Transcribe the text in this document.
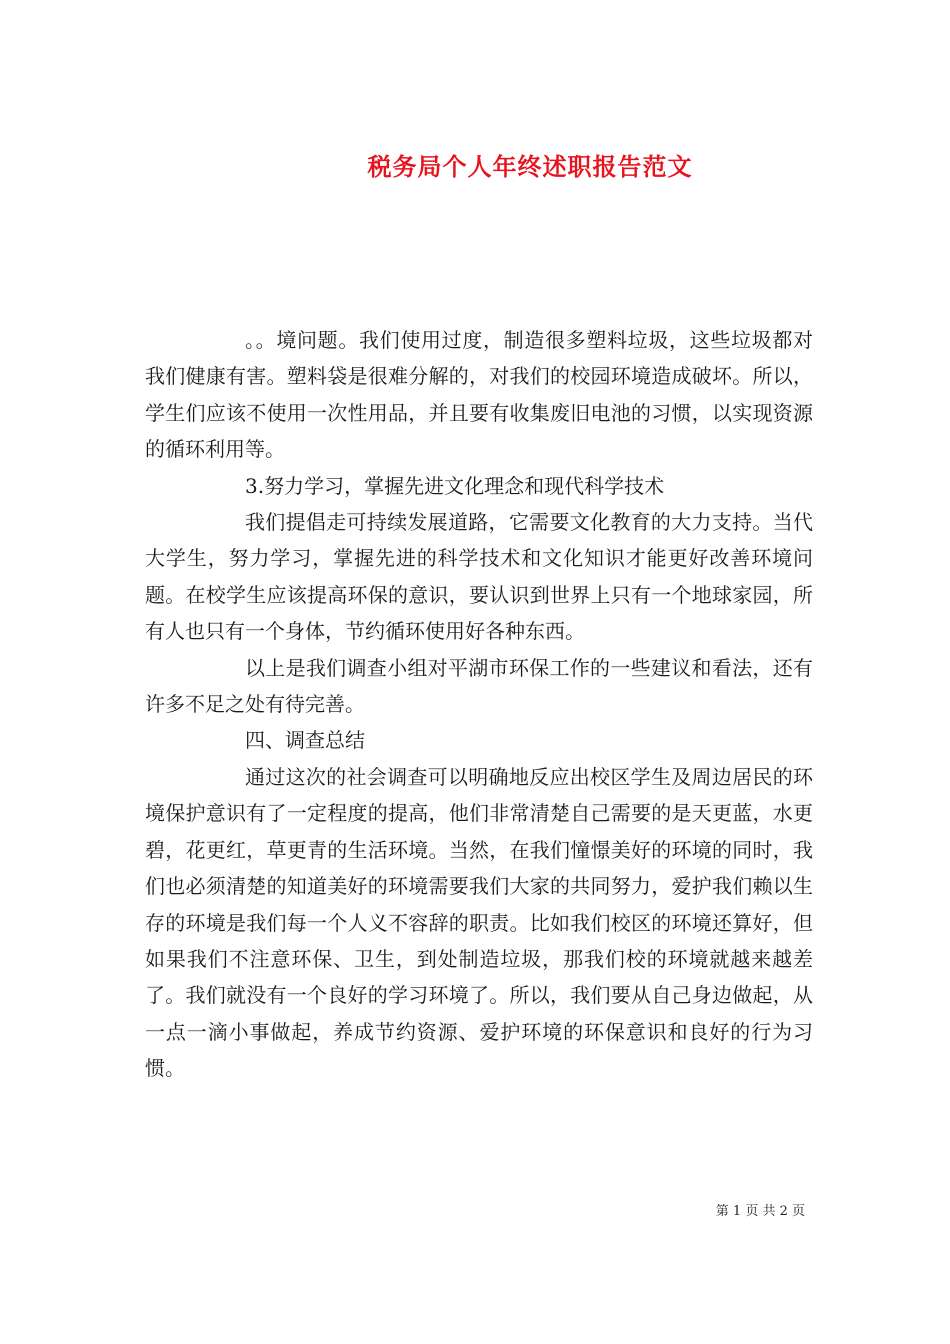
税务局个人年终述职报告范文

。。境问题。我们使用过度，制造很多塑料垃圾，这些垃圾都对我们健康有害。塑料袋是很难分解的，对我们的校园环境造成破坏。所以，学生们应该不使用一次性用品，并且要有收集废旧电池的习惯，以实现资源的循环利用等。

3.努力学习，掌握先进文化理念和现代科学技术

我们提倡走可持续发展道路，它需要文化教育的大力支持。当代大学生，努力学习，掌握先进的科学技术和文化知识才能更好改善环境问题。在校学生应该提高环保的意识，要认识到世界上只有一个地球家园，所有人也只有一个身体，节约循环使用好各种东西。

以上是我们调查小组对平湖市环保工作的一些建议和看法，还有许多不足之处有待完善。

四、调查总结

通过这次的社会调查可以明确地反应出校区学生及周边居民的环境保护意识有了一定程度的提高，他们非常清楚自己需要的是天更蓝，水更碧，花更红，草更青的生活环境。当然，在我们憧憬美好的环境的同时，我们也必须清楚的知道美好的环境需要我们大家的共同努力，爱护我们赖以生存的环境是我们每一个人义不容辞的职责。比如我们校区的环境还算好，但如果我们不注意环保、卫生，到处制造垃圾，那我们校的环境就越来越差了。我们就没有一个良好的学习环境了。所以，我们要从自己身边做起，从一点一滴小事做起，养成节约资源、爱护环境的环保意识和良好的行为习惯。

第 1 页 共 2 页
